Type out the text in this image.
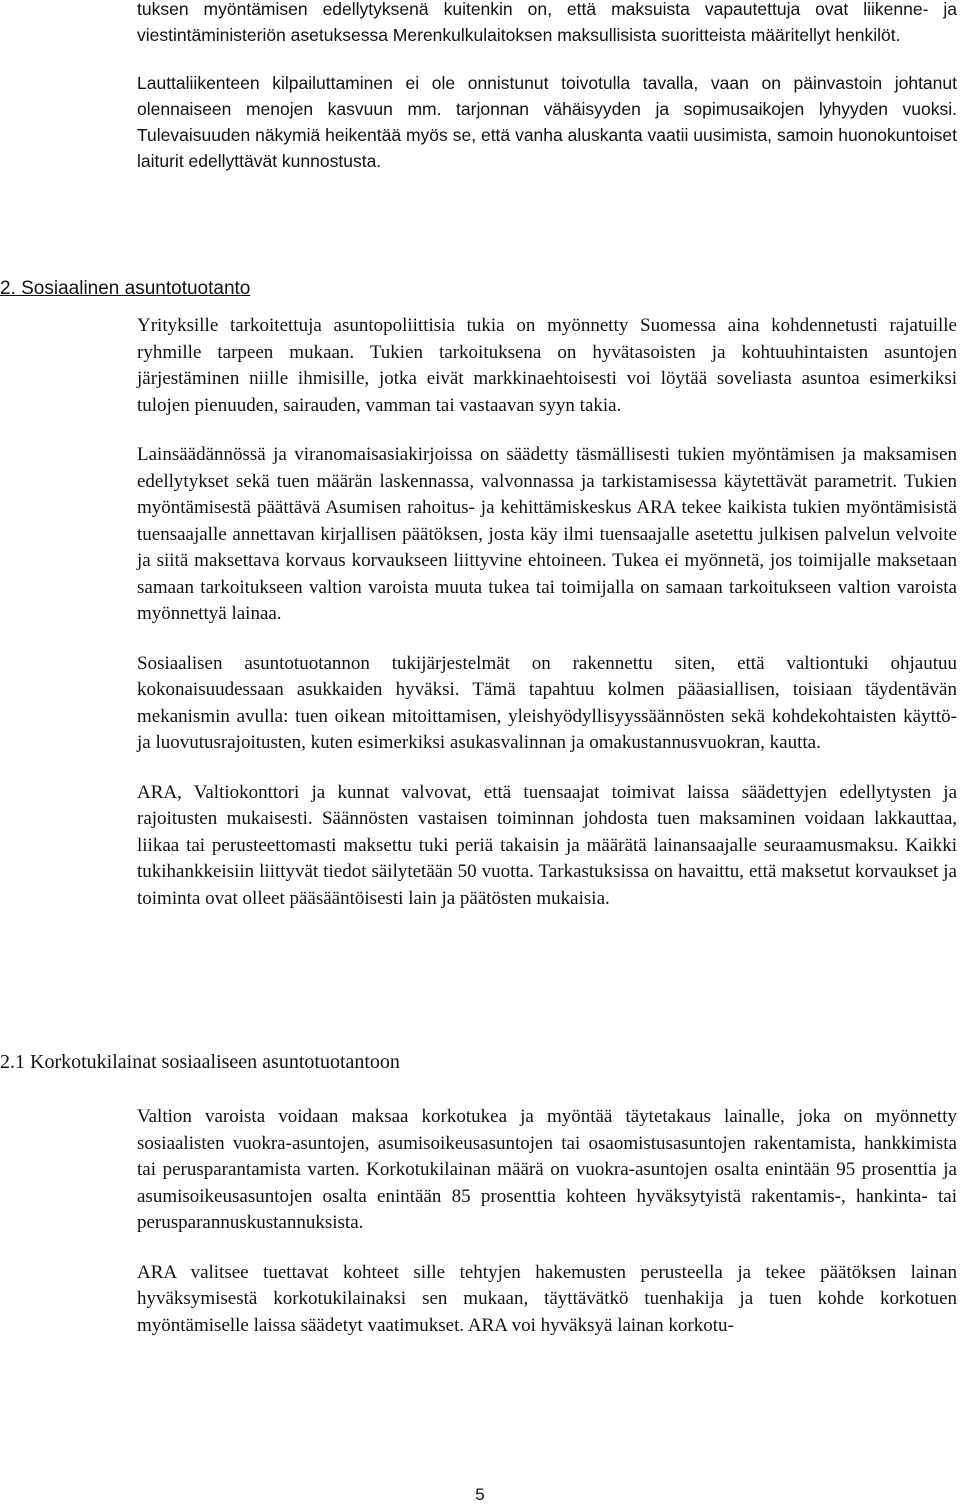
tuksen myöntämisen edellytyksenä kuitenkin on, että maksuista vapautettuja ovat liikenne- ja viestintäministeriön asetuksessa Merenkulkulaitoksen maksullisista suoritteista määritellyt henkilöt.

Lauttaliikenteen kilpailuttaminen ei ole onnistunut toivotulla tavalla, vaan on päinvastoin johtanut olennaiseen menojen kasvuun mm. tarjonnan vähäisyyden ja sopimusaikojen lyhyyden vuoksi. Tulevaisuuden näkymiä heikentää myös se, että vanha aluskanta vaatii uusimista, samoin huonokuntoiset laiturit edellyttävät kunnostusta.

2. Sosiaalinen asuntotuotanto

Yrityksille tarkoitettuja asuntopoliittisia tukia on myönnetty Suomessa aina kohdennetusti rajatuille ryhmille tarpeen mukaan. Tukien tarkoituksena on hyvätasoisten ja kohtuuhintaisten asuntojen järjestäminen niille ihmisille, jotka eivät markkinaehtoisesti voi löytää soveliasta asuntoa esimerkiksi tulojen pienuuden, sairauden, vamman tai vastaavan syyn takia.

Lainsäädännössä ja viranomaisasiakirjoissa on säädetty täsmällisesti tukien myöntämisen ja maksamisen edellytykset sekä tuen määrän laskennassa, valvonnassa ja tarkistamisessa käytettävät parametrit. Tukien myöntämisestä päättävä Asumisen rahoitus- ja kehittämiskeskus ARA tekee kaikista tukien myöntämisistä tuensaajalle annettavan kirjallisen päätöksen, josta käy ilmi tuensaajalle asetettu julkisen palvelun velvoite ja siitä maksettava korvaus korvaukseen liittyvine ehtoineen. Tukea ei myönnetä, jos toimijalle maksetaan samaan tarkoitukseen valtion varoista muuta tukea tai toimijalla on samaan tarkoitukseen valtion varoista myönnettyä lainaa.

Sosiaalisen asuntotuotannon tukijärjestelmät on rakennettu siten, että valtiontuki ohjautuu kokonaisuudessaan asukkaiden hyväksi. Tämä tapahtuu kolmen pääasiallisen, toisiaan täydentävän mekanismin avulla: tuen oikean mitoittamisen, yleishyödyllisyyssäännösten sekä kohdekohtaisten käyttö- ja luovutusrajoitusten, kuten esimerkiksi asukasvalinnan ja omakustannusvuokran, kautta.

ARA, Valtiokonttori ja kunnat valvovat, että tuensaajat toimivat laissa säädettyjen edellytysten ja rajoitusten mukaisesti. Säännösten vastaisen toiminnan johdosta tuen maksaminen voidaan lakkauttaa, liikaa tai perusteettomasti maksettu tuki periä takaisin ja määrätä lainansaajalle seuraamusmaksu. Kaikki tukihankkeisiin liittyvät tiedot säilytetään 50 vuotta. Tarkastuksissa on havaittu, että maksetut korvaukset ja toiminta ovat olleet pääsääntöisesti lain ja päätösten mukaisia.

2.1 Korkotukilainat sosiaaliseen asuntotuotantoon

Valtion varoista voidaan maksaa korkotukea ja myöntää täytetakaus lainalle, joka on myönnetty sosiaalisten vuokra-asuntojen, asumisoikeusasuntojen tai osaomistusasuntojen rakentamista, hankkimista tai perusparantamista varten. Korkotukilainan määrä on vuokra-asuntojen osalta enintään 95 prosenttia ja asumisoikeusasuntojen osalta enintään 85 prosenttia kohteen hyväksytyistä rakentamis-, hankinta- tai perusparannuskustannuksista.

ARA valitsee tuettavat kohteet sille tehtyjen hakemusten perusteella ja tekee päätöksen lainan hyväksymisestä korkotukilainaksi sen mukaan, täyttävätkö tuenhakija ja tuen kohde korkotuen myöntämiselle laissa säädetyt vaatimukset. ARA voi hyväksyä lainan korkotu-

5
